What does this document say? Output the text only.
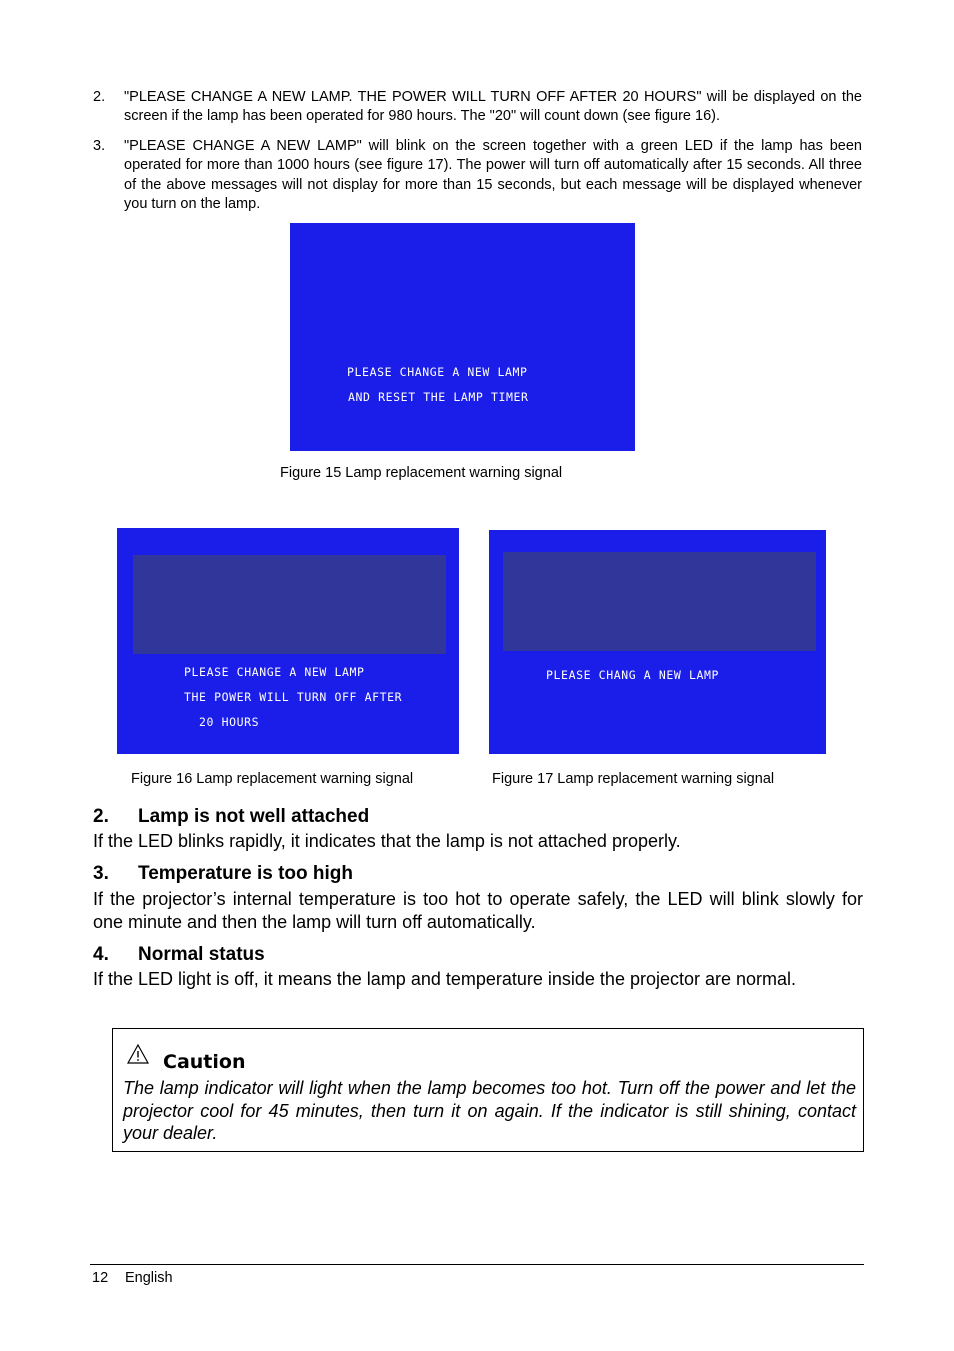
2. "PLEASE CHANGE A NEW LAMP. THE POWER WILL TURN OFF AFTER 20 HOURS" will be displayed on the screen if the lamp has been operated for 980 hours. The "20" will count down (see figure 16).
3. "PLEASE CHANGE A NEW LAMP" will blink on the screen together with a green LED if the lamp has been operated for more than 1000 hours (see figure 17). The power will turn off automatically after 15 seconds. All three of the above messages will not display for more than 15 seconds, but each message will be displayed whenever you turn on the lamp.
PLEASE CHANGE A NEW LAMP
AND RESET THE LAMP TIMER
Figure 15 Lamp replacement warning signal
PLEASE CHANGE A NEW LAMP
THE POWER WILL TURN OFF AFTER
20 HOURS
Figure 16 Lamp replacement warning signal
PLEASE CHANG A NEW LAMP
Figure 17 Lamp replacement warning signal
2. Lamp is not well attached
If the LED blinks rapidly, it indicates that the lamp is not attached properly.
3. Temperature is too high
If the projector’s internal temperature is too hot to operate safely, the LED will blink slowly for one minute and then the lamp will turn off automatically.
4. Normal status
If the LED light is off, it means the lamp and temperature inside the projector are normal.
Caution
The lamp indicator will light when the lamp becomes too hot. Turn off the power and let the projector cool for 45 minutes, then turn it on again. If the indicator is still shining, contact your dealer.
12 English
